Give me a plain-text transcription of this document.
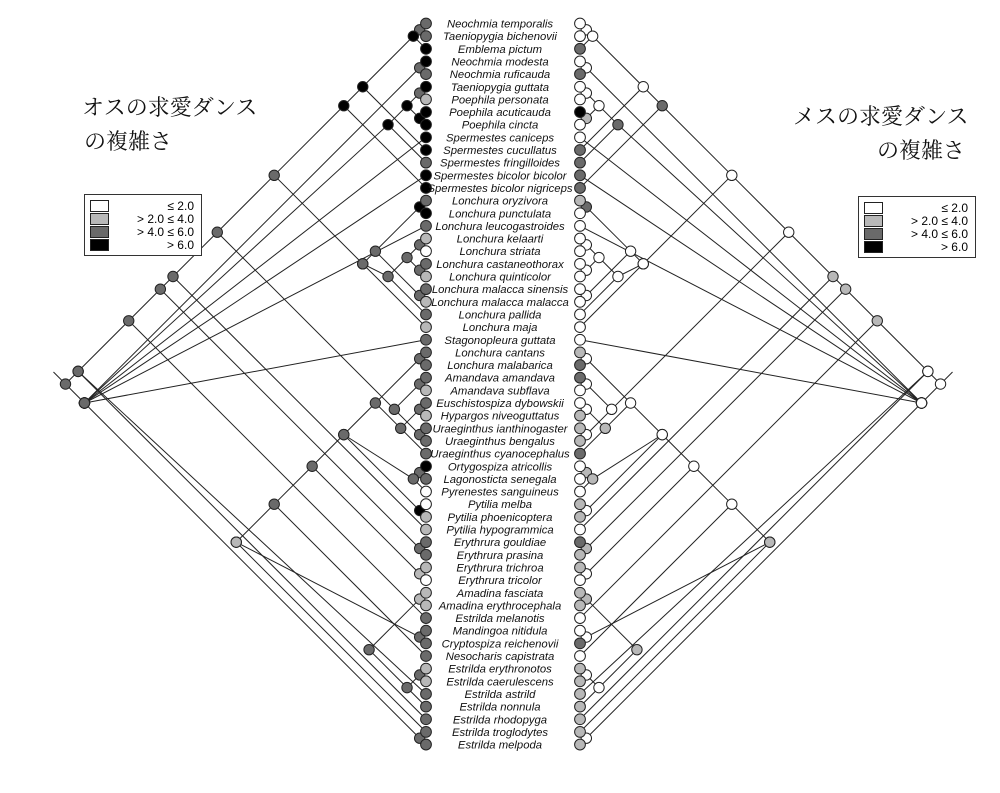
Neochmia temporalis
Taeniopygia bichenovii
Emblema pictum
Neochmia modesta
Neochmia ruficauda
Taeniopygia guttata
Poephila personata
Poephila acuticauda
Poephila cincta
Spermestes caniceps
Spermestes cucullatus
Spermestes fringilloides
Spermestes bicolor bicolor
Spermestes bicolor nigriceps
Lonchura oryzivora
Lonchura punctulata
Lonchura leucogastroides
Lonchura kelaarti
Lonchura striata
Lonchura castaneothorax
Lonchura quinticolor
Lonchura malacca sinensis
Lonchura malacca malacca
Lonchura pallida
Lonchura maja
Stagonopleura guttata
Lonchura cantans
Lonchura malabarica
Amandava amandava
Amandava subflava
Euschistospiza dybowskii
Hypargos niveoguttatus
Uraeginthus ianthinogaster
Uraeginthus bengalus
Uraeginthus cyanocephalus
Ortygospiza atricollis
Lagonosticta senegala
Pyrenestes sanguineus
Pytilia melba
Pytilia phoenicoptera
Pytilia hypogrammica
Erythrura gouldiae
Erythrura prasina
Erythrura trichroa
Erythrura tricolor
Amadina fasciata
Amadina erythrocephala
Estrilda melanotis
Mandingoa nitidula
Cryptospiza reichenovii
Nesocharis capistrata
Estrilda erythronotos
Estrilda caerulescens
Estrilda astrild
Estrilda nonnula
Estrilda rhodopyga
Estrilda troglodytes
Estrilda melpoda
オスの求愛ダンス
の複雑さ
メスの求愛ダンス
の複雑さ
≤ 2.0
> 2.0 ≤ 4.0
> 4.0 ≤ 6.0
> 6.0
≤ 2.0
> 2.0 ≤ 4.0
> 4.0 ≤ 6.0
> 6.0
